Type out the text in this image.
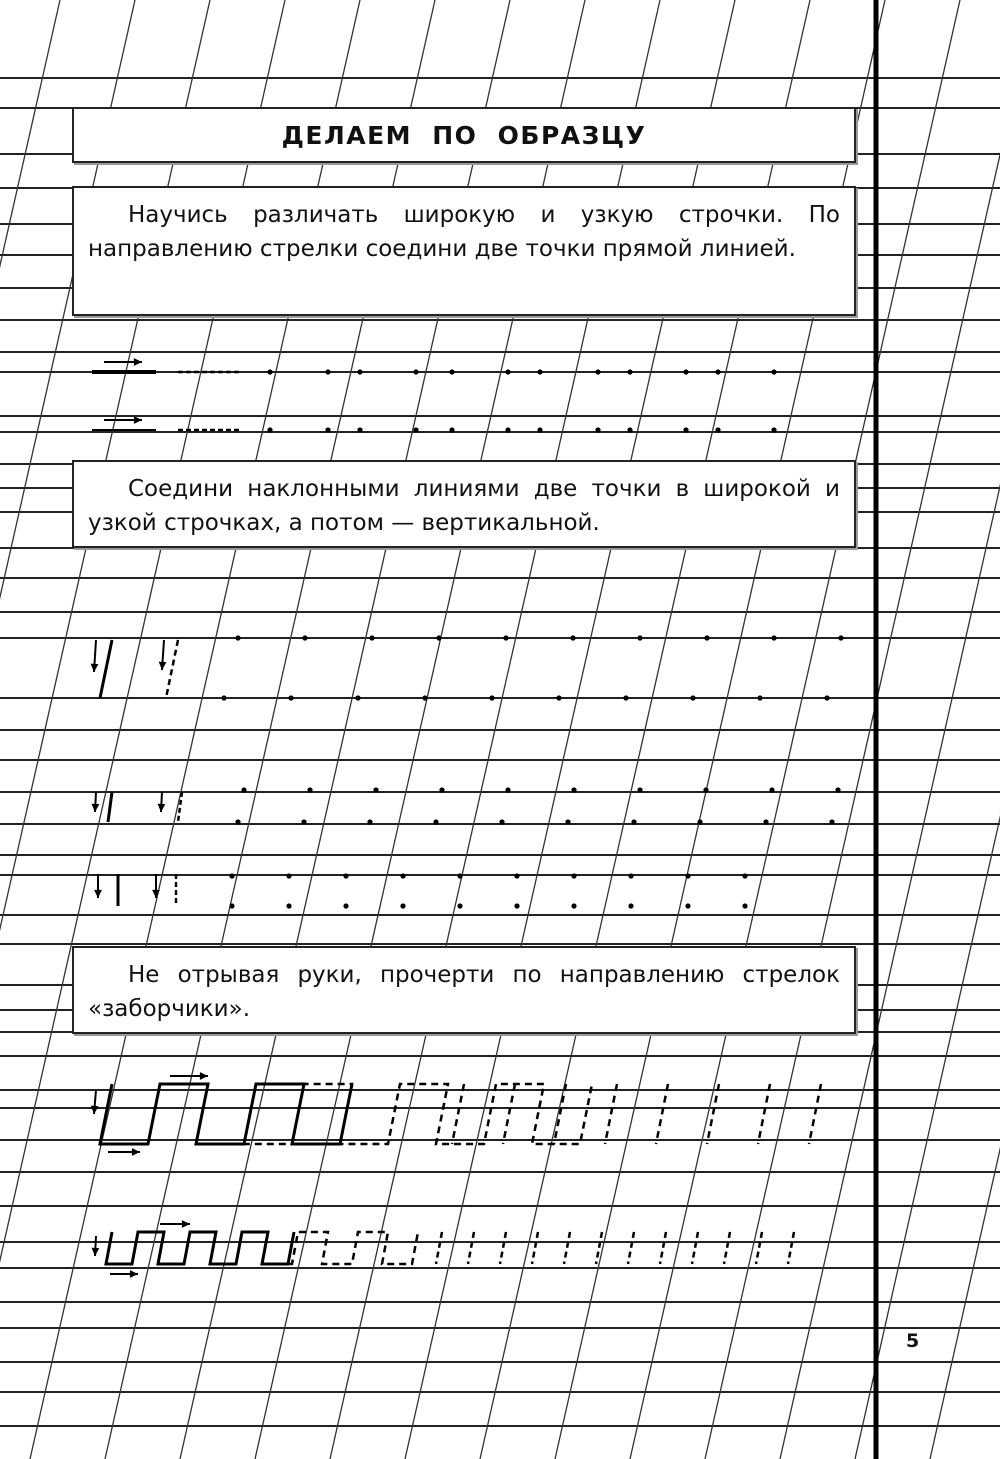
ДЕЛАЕМ ПО ОБРАЗЦУ

Научись различать широкую и узкую строчки. По направлению стрелки соедини две точки прямой линией.

Соедини наклонными линиями две точки в широкой и узкой строчках, а потом — вертикальной.

Не отрывая руки, прочерти по направлению стрелок «заборчики».

5
